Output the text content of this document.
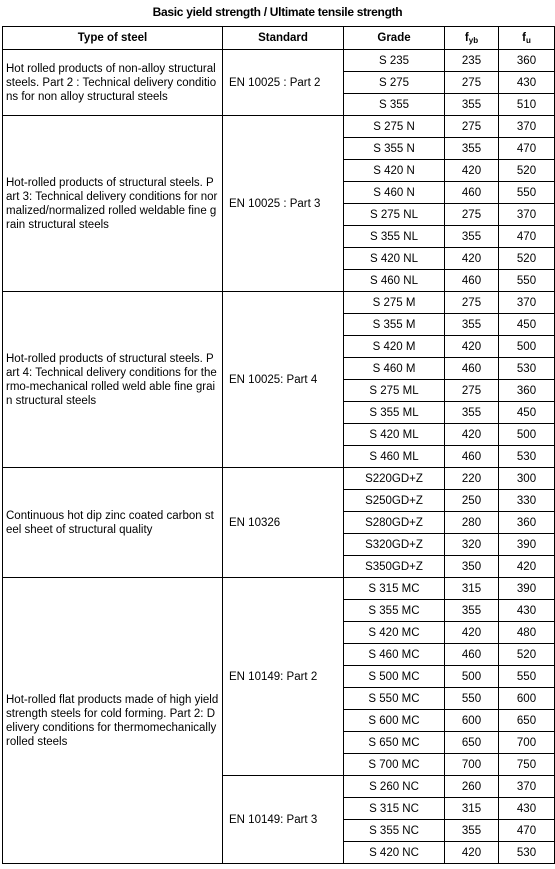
Basic yield strength / Ultimate tensile strength
Type of steel	Standard	Grade	$f_{yb}$	$f_u$
Hot rolled products of non-alloy structural steels. Part 2 : Technical delivery conditions for non alloy structural steels	EN 10025 : Part 2	S 235	235	360
		S 275	275	430
		S 355	355	510
Hot-rolled products of structural steels. Part 3: Technical delivery conditions for normalized/normalized rolled weldable fine grain structural steels	EN 10025 : Part 3	S 275 N	275	370
		S 355 N	355	470
		S 420 N	420	520
		S 460 N	460	550
		S 275 NL	275	370
		S 355 NL	355	470
		S 420 NL	420	520
		S 460 NL	460	550
Hot-rolled products of structural steels. Part 4: Technical delivery conditions for thermo-mechanical rolled weld able fine grain structural steels	EN 10025: Part 4	S 275 M	275	370
		S 355 M	355	450
		S 420 M	420	500
		S 460 M	460	530
		S 275 ML	275	360
		S 355 ML	355	450
		S 420 ML	420	500
		S 460 ML	460	530
Continuous hot dip zinc coated carbon steel sheet of structural quality	EN 10326	S220GD+Z	220	300
		S250GD+Z	250	330
		S280GD+Z	280	360
		S320GD+Z	320	390
		S350GD+Z	350	420
Hot-rolled flat products made of high yield strength steels for cold forming. Part 2: Delivery conditions for thermomechanically rolled steels	EN 10149: Part 2	S 315 MC	315	390
		S 355 MC	355	430
		S 420 MC	420	480
		S 460 MC	460	520
		S 500 MC	500	550
		S 550 MC	550	600
		S 600 MC	600	650
		S 650 MC	650	700
		S 700 MC	700	750
	EN 10149: Part 3	S 260 NC	260	370
		S 315 NC	315	430
		S 355 NC	355	470
		S 420 NC	420	530
